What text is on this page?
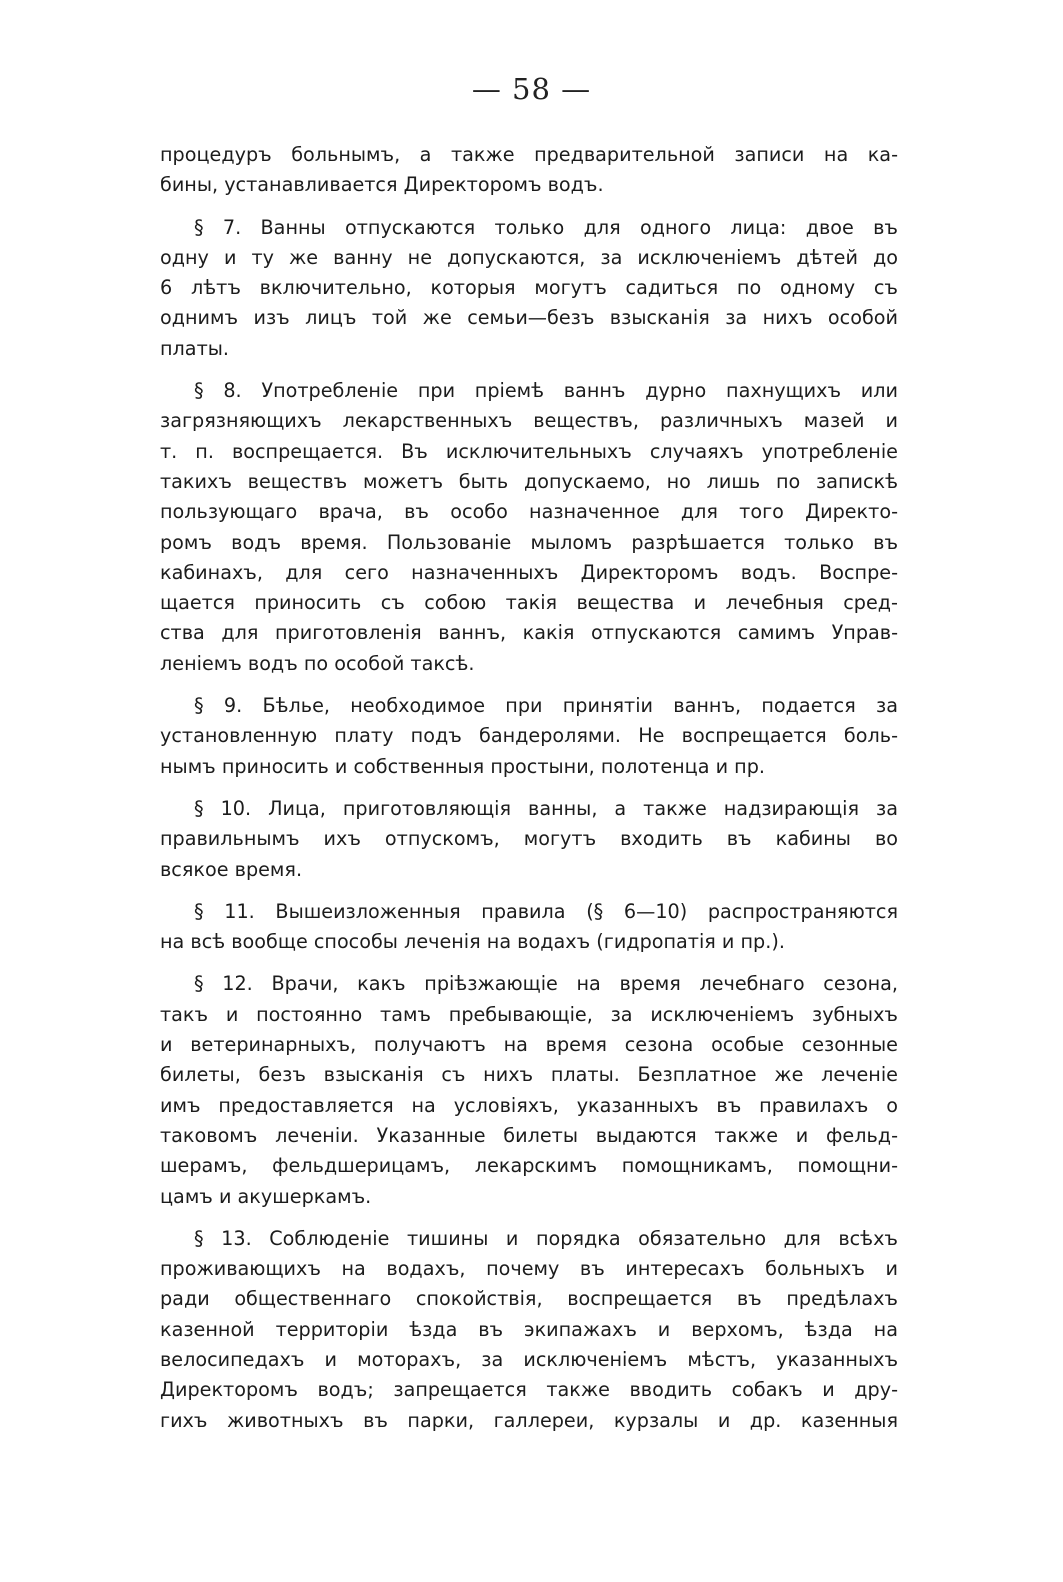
— 58 —
процедуръ больнымъ, а также предварительной записи на ка-
бины, устанавливается Директоромъ водъ.
§ 7. Ванны отпускаются только для одного лица: двое въ
одну и ту же ванну не допускаются, за исключеніемъ дѣтей до
6 лѣтъ включительно, которыя могутъ садиться по одному съ
однимъ изъ лицъ той же семьи—безъ взысканія за нихъ особой
платы.
§ 8. Употребленіе при пріемѣ ваннъ дурно пахнущихъ или
загрязняющихъ лекарственныхъ веществъ, различныхъ мазей и
т. п. воспрещается. Въ исключительныхъ случаяхъ употребленіе
такихъ веществъ можетъ быть допускаемо, но лишь по запискѣ
пользующаго врача, въ особо назначенное для того Директо-
ромъ водъ время. Пользованіе мыломъ разрѣшается только въ
кабинахъ, для сего назначенныхъ Директоромъ водъ. Воспре-
щается приносить съ собою такія вещества и лечебныя сред-
ства для приготовленія ваннъ, какія отпускаются самимъ Управ-
леніемъ водъ по особой таксѣ.
§ 9. Бѣлье, необходимое при принятіи ваннъ, подается за
установленную плату подъ бандеролями. Не воспрещается боль-
нымъ приносить и собственныя простыни, полотенца и пр.
§ 10. Лица, приготовляющія ванны, а также надзирающія за
правильнымъ ихъ отпускомъ, могутъ входить въ кабины во
всякое время.
§ 11. Вышеизложенныя правила (§ 6—10) распространяются
на всѣ вообще способы леченія на водахъ (гидропатія и пр.).
§ 12. Врачи, какъ пріѣзжающіе на время лечебнаго сезона,
такъ и постоянно тамъ пребывающіе, за исключеніемъ зубныхъ
и ветеринарныхъ, получаютъ на время сезона особые сезонные
билеты, безъ взысканія съ нихъ платы. Безплатное же леченіе
имъ предоставляется на условіяхъ, указанныхъ въ правилахъ о
таковомъ леченіи. Указанные билеты выдаются также и фельд-
шерамъ, фельдшерицамъ, лекарскимъ помощникамъ, помощни-
цамъ и акушеркамъ.
§ 13. Соблюденіе тишины и порядка обязательно для всѣхъ
проживающихъ на водахъ, почему въ интересахъ больныхъ и
ради общественнаго спокойствія, воспрещается въ предѣлахъ
казенной территоріи ѣзда въ экипажахъ и верхомъ, ѣзда на
велосипедахъ и моторахъ, за исключеніемъ мѣстъ, указанныхъ
Директоромъ водъ; запрещается также вводить собакъ и дру-
гихъ животныхъ въ парки, галлереи, курзалы и др. казенныя
